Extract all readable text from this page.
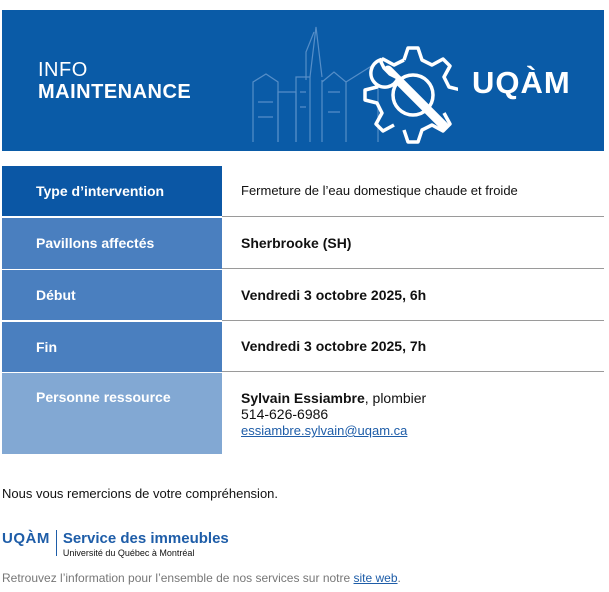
INFO
MAINTENANCE	UQÀM
Type d’intervention	Fermeture de l’eau domestique chaude et froide

Pavillons affectés	Sherbrooke (SH)

Début	Vendredi 3 octobre 2025, 6h

Fin	Vendredi 3 octobre 2025, 7h

Personne ressource	Sylvain Essiambre, plombier
514-626-6986
essiambre.sylvain@uqam.ca
Nous vous remercions de votre compréhension.
UQÀM Service des immeubles
Université du Québec à Montréal
Retrouvez l’information pour l’ensemble de nos services sur notre site web.
